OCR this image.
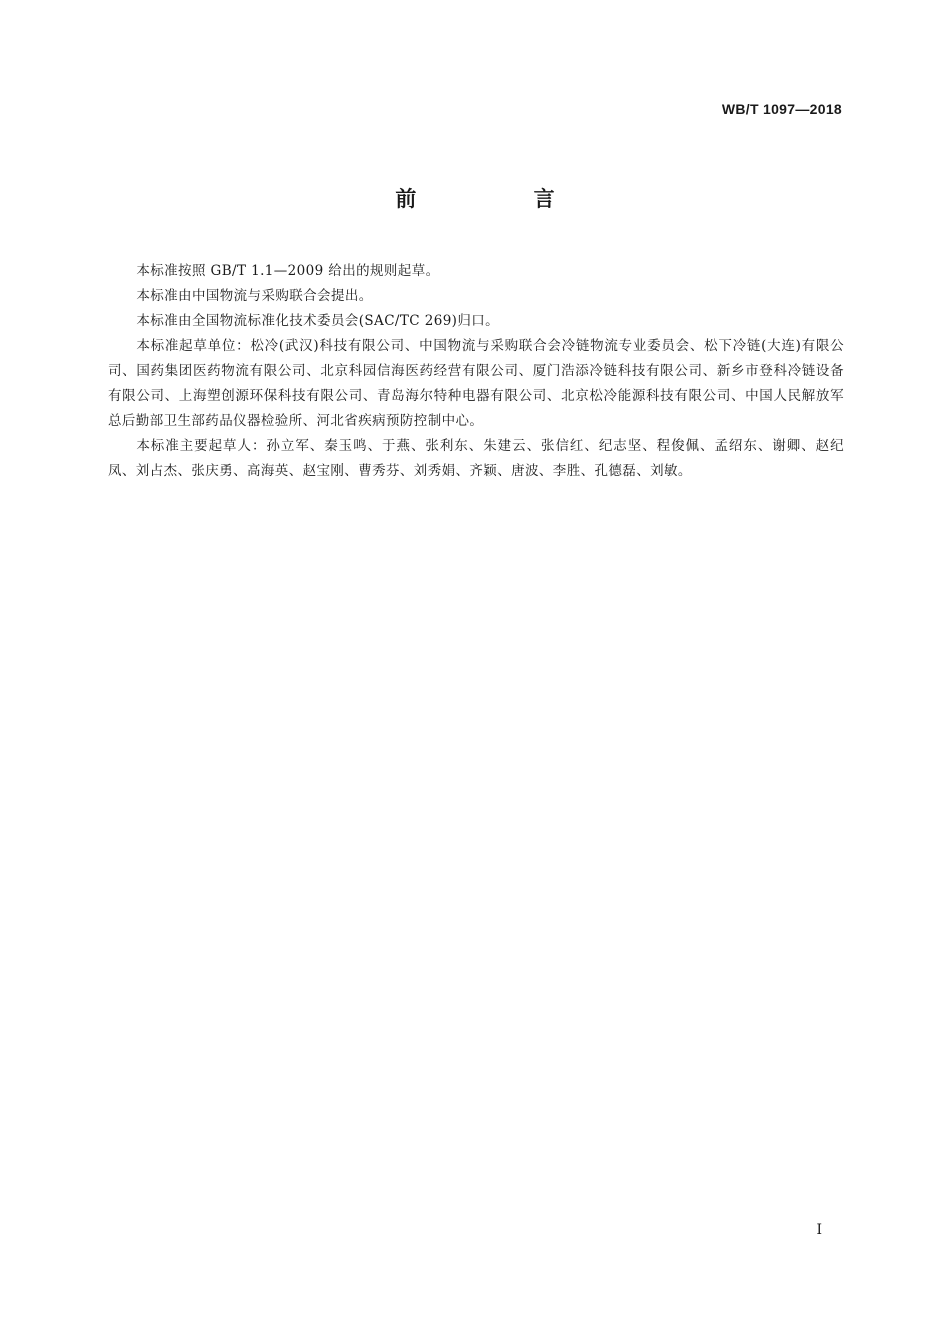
WB/T 1097—2018
前 言

本标准按照 GB/T 1.1—2009 给出的规则起草。

本标准由中国物流与采购联合会提出。

本标准由全国物流标准化技术委员会(SAC/TC 269)归口。

本标准起草单位：松冷(武汉)科技有限公司、中国物流与采购联合会冷链物流专业委员会、松下冷链(大连)有限公司、国药集团医药物流有限公司、北京科园信海医药经营有限公司、厦门浩添冷链科技有限公司、新乡市登科冷链设备有限公司、上海塑创源环保科技有限公司、青岛海尔特种电器有限公司、北京松冷能源科技有限公司、中国人民解放军总后勤部卫生部药品仪器检验所、河北省疾病预防控制中心。

本标准主要起草人：孙立军、秦玉鸣、于燕、张利东、朱建云、张信红、纪志坚、程俊佩、孟绍东、谢卿、赵纪凤、刘占杰、张庆勇、高海英、赵宝刚、曹秀芬、刘秀娟、齐颖、唐波、李胜、孔德磊、刘敏。

I
